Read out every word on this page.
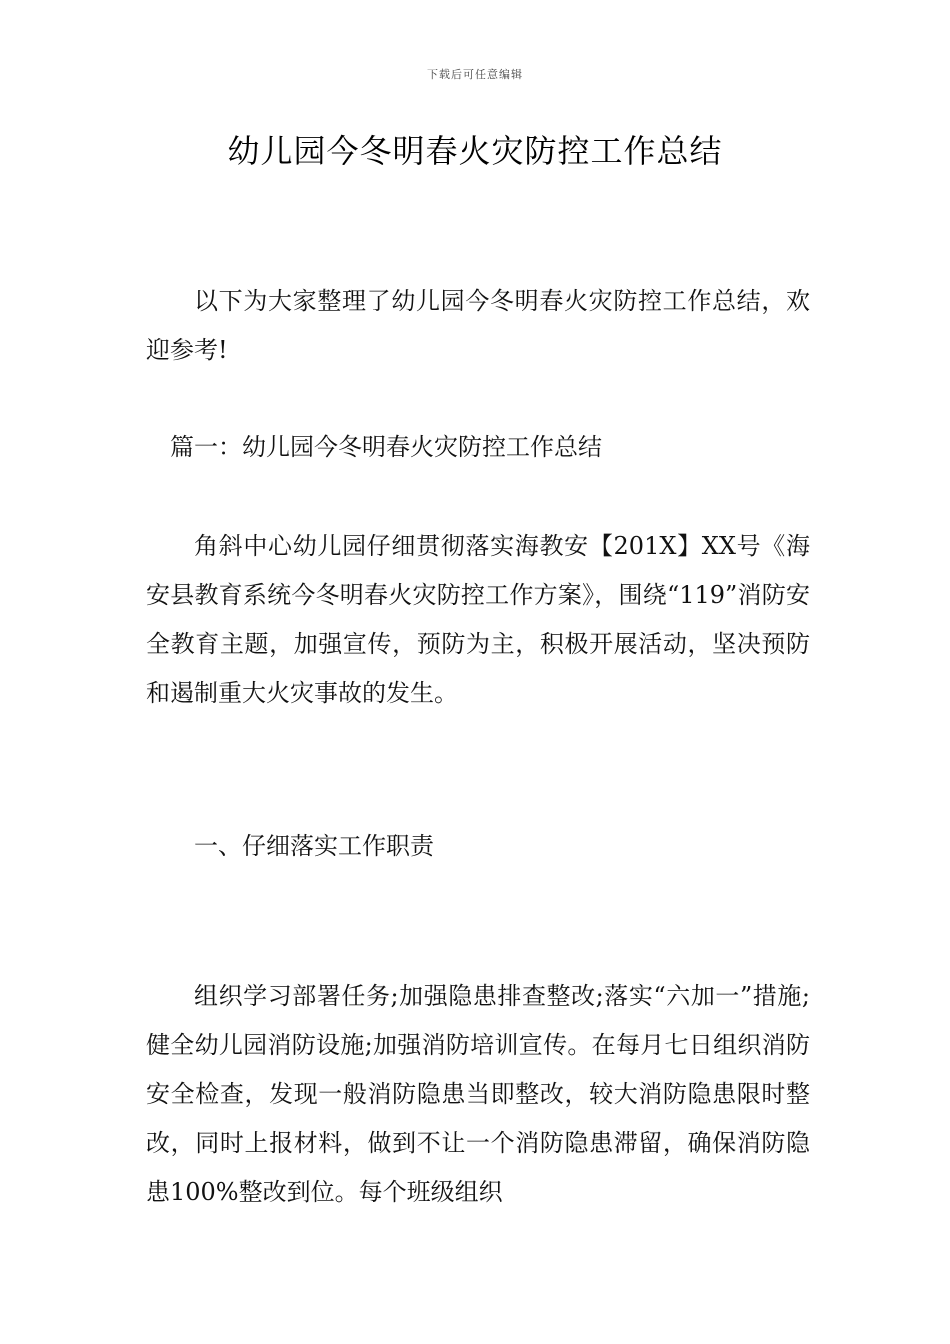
下载后可任意编辑
幼儿园今冬明春火灾防控工作总结

以下为大家整理了幼儿园今冬明春火灾防控工作总结，欢迎参考!

篇一：幼儿园今冬明春火灾防控工作总结

角斜中心幼儿园仔细贯彻落实海教安【201X】XX号《海安县教育系统今冬明春火灾防控工作方案》，围绕“119”消防安全教育主题，加强宣传，预防为主，积极开展活动，坚决预防和遏制重大火灾事故的发生。

一、仔细落实工作职责

组织学习部署任务;加强隐患排查整改;落实“六加一”措施;健全幼儿园消防设施;加强消防培训宣传。在每月七日组织消防安全检查，发现一般消防隐患当即整改，较大消防隐患限时整改，同时上报材料，做到不让一个消防隐患滞留，确保消防隐患100%整改到位。每个班级组织
